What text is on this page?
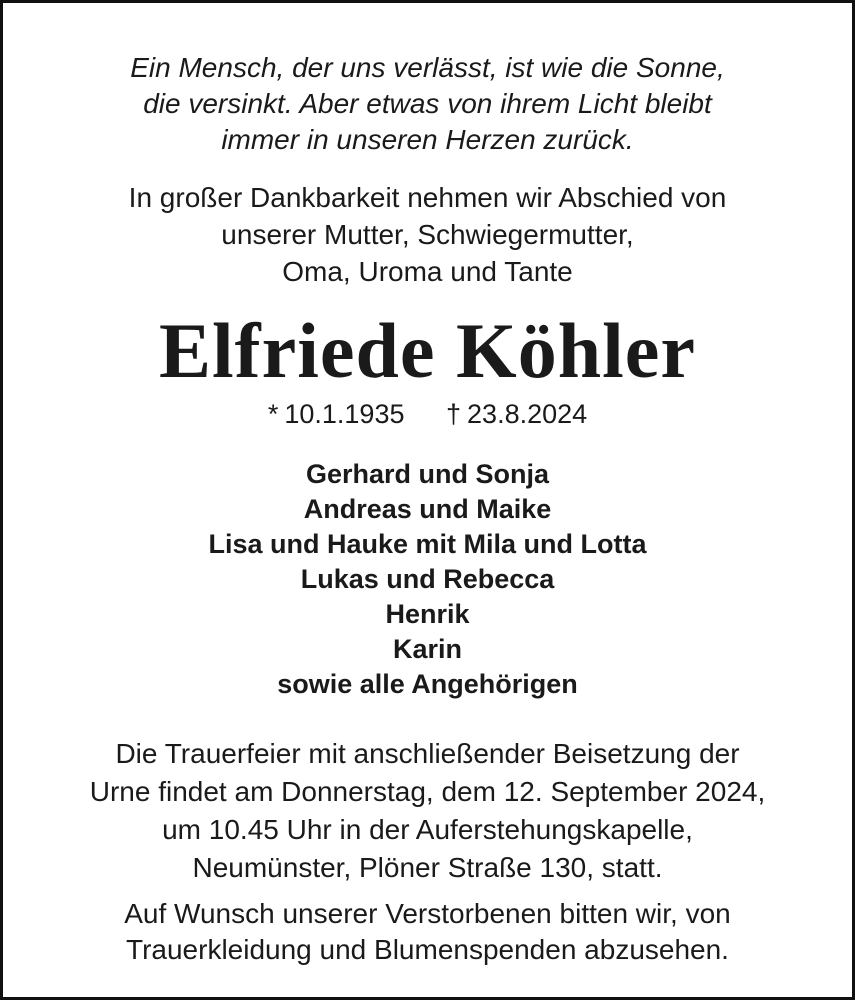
Ein Mensch, der uns verlässt, ist wie die Sonne,
die versinkt. Aber etwas von ihrem Licht bleibt
immer in unseren Herzen zurück.

In großer Dankbarkeit nehmen wir Abschied von
unserer Mutter, Schwiegermutter,
Oma, Uroma und Tante

Elfriede Köhler
* 10.1.1935 † 23.8.2024
Gerhard und Sonja
Andreas und Maike
Lisa und Hauke mit Mila und Lotta
Lukas und Rebecca
Henrik
Karin
sowie alle Angehörigen

Die Trauerfeier mit anschließender Beisetzung der
Urne findet am Donnerstag, dem 12. September 2024,
um 10.45 Uhr in der Auferstehungskapelle,
Neumünster, Plöner Straße 130, statt.

Auf Wunsch unserer Verstorbenen bitten wir, von
Trauerkleidung und Blumenspenden abzusehen.
